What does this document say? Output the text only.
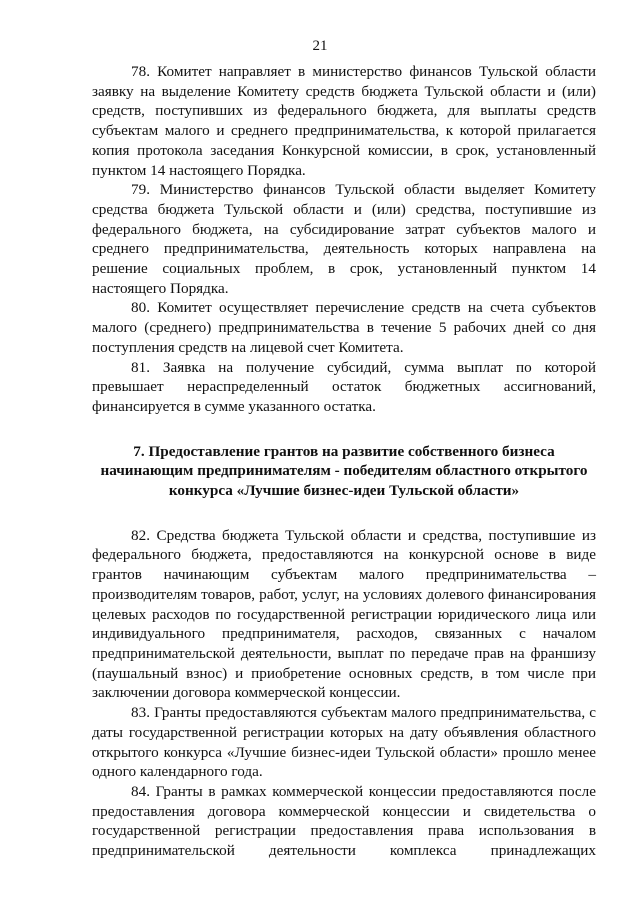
21

78. Комитет направляет в министерство финансов Тульской области заявку на выделение Комитету средств бюджета Тульской области и (или) средств, поступивших из федерального бюджета, для выплаты средств субъектам малого и среднего предпринимательства, к которой прилагается копия протокола заседания Конкурсной комиссии, в срок, установленный пунктом 14 настоящего Порядка.

79. Министерство финансов Тульской области выделяет Комитету средства бюджета Тульской области и (или) средства, поступившие из федерального бюджета, на субсидирование затрат субъектов малого и среднего предпринимательства, деятельность которых направлена на решение социальных проблем, в срок, установленный пунктом 14 настоящего Порядка.

80. Комитет осуществляет перечисление средств на счета субъектов малого (среднего) предпринимательства в течение 5 рабочих дней со дня поступления средств на лицевой счет Комитета.

81. Заявка на получение субсидий, сумма выплат по которой превышает нераспределенный остаток бюджетных ассигнований, финансируется в сумме указанного остатка.

7. Предоставление грантов на развитие собственного бизнеса
начинающим предпринимателям - победителям областного открытого
конкурса «Лучшие бизнес-идеи Тульской области»

82. Средства бюджета Тульской области и средства, поступившие из федерального бюджета, предоставляются на конкурсной основе в виде грантов начинающим субъектам малого предпринимательства – производителям товаров, работ, услуг, на условиях долевого финансирования целевых расходов по государственной регистрации юридического лица или индивидуального предпринимателя, расходов, связанных с началом предпринимательской деятельности, выплат по передаче прав на франшизу (паушальный взнос) и приобретение основных средств, в том числе при заключении договора коммерческой концессии.

83. Гранты предоставляются субъектам малого предпринимательства, с даты государственной регистрации которых на дату объявления областного открытого конкурса «Лучшие бизнес-идеи Тульской области» прошло менее одного календарного года.

84. Гранты в рамках коммерческой концессии предоставляются после предоставления договора коммерческой концессии и свидетельства о государственной регистрации предоставления права использования в предпринимательской деятельности комплекса принадлежащих
